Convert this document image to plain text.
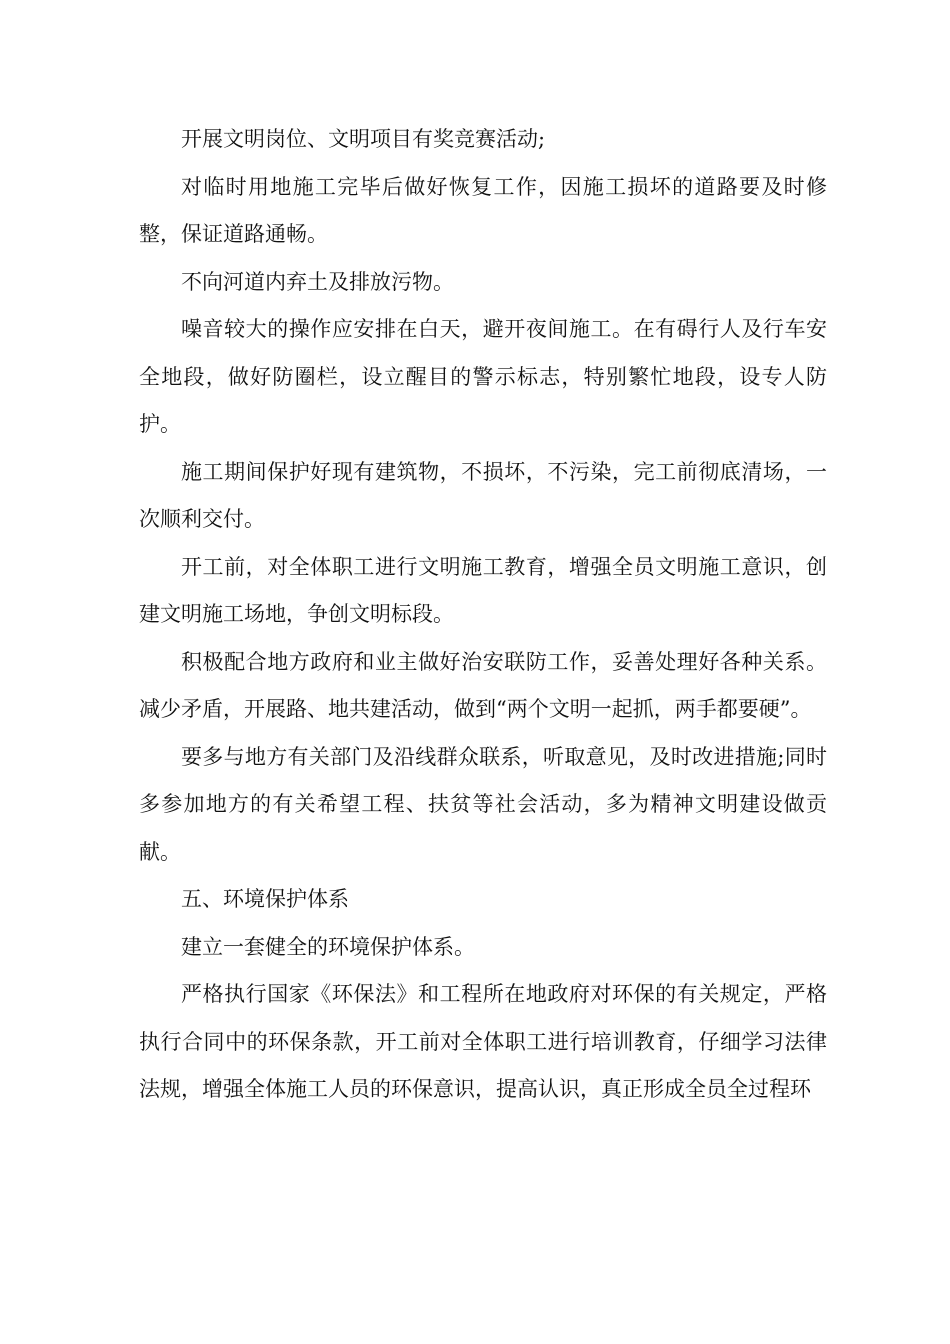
开展文明岗位、文明项目有奖竞赛活动;

对临时用地施工完毕后做好恢复工作，因施工损坏的道路要及时修整，保证道路通畅。

不向河道内弃土及排放污物。

噪音较大的操作应安排在白天，避开夜间施工。在有碍行人及行车安全地段，做好防圈栏，设立醒目的警示标志，特别繁忙地段，设专人防护。

施工期间保护好现有建筑物，不损坏，不污染，完工前彻底清场，一次顺利交付。

开工前，对全体职工进行文明施工教育，增强全员文明施工意识，创建文明施工场地，争创文明标段。

积极配合地方政府和业主做好治安联防工作，妥善处理好各种关系。减少矛盾，开展路、地共建活动，做到“两个文明一起抓，两手都要硬”。

要多与地方有关部门及沿线群众联系，听取意见，及时改进措施;同时多参加地方的有关希望工程、扶贫等社会活动，多为精神文明建设做贡献。

五、环境保护体系

建立一套健全的环境保护体系。

严格执行国家《环保法》和工程所在地政府对环保的有关规定，严格执行合同中的环保条款，开工前对全体职工进行培训教育，仔细学习法律法规，增强全体施工人员的环保意识，提高认识，真正形成全员全过程环
